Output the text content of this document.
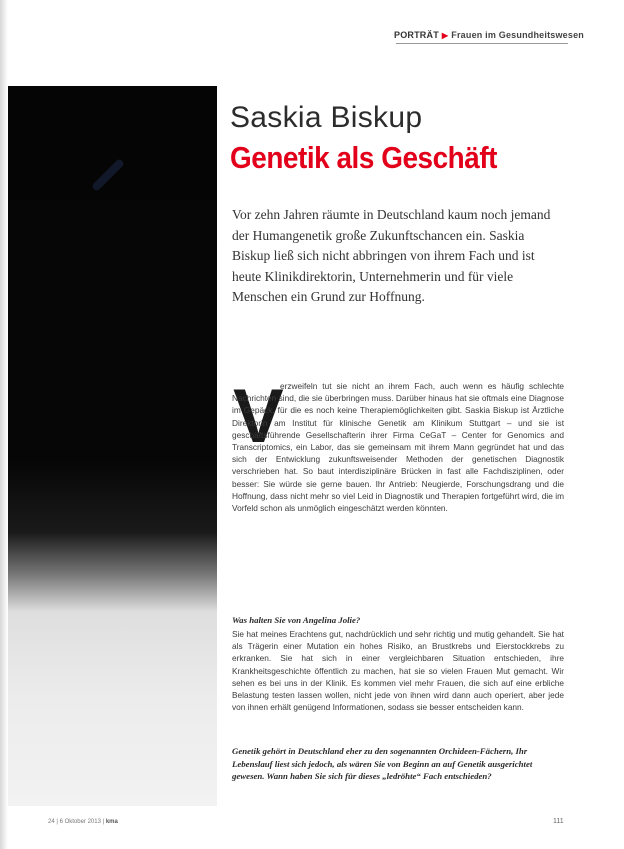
PORTRÄT ▶ Frauen im Gesundheitswesen
Saskia Biskup
Genetik als Geschäft
Vor zehn Jahren räumte in Deutschland kaum noch jemand der Humangenetik große Zukunftschancen ein. Saskia Biskup ließ sich nicht abbringen von ihrem Fach und ist heute Klinikdirektorin, Unternehmerin und für viele Menschen ein Grund zur Hoffnung.
V
erzweifeln tut sie nicht an ihrem Fach, auch wenn es häufig schlechte Nachrichten sind, die sie überbringen muss. Darüber hinaus hat sie oftmals eine Diagnose im Gepäck, für die es noch keine Therapiemöglichkeiten gibt. Saskia Biskup ist Ärztliche Direktorin am Institut für klinische Genetik am Klinikum Stuttgart – und sie ist geschäftsführende Gesellschafterin ihrer Firma CeGaT – Center for Genomics and Transcriptomics, ein Labor, das sie gemeinsam mit ihrem Mann gegründet hat und das sich der Entwicklung zukunftsweisender Methoden der genetischen Diagnostik verschrieben hat. So baut interdisziplinäre Brücken in fast alle Fachdisziplinen, oder besser: Sie würde sie gerne bauen. Ihr Antrieb: Neugierde, Forschungsdrang und die Hoffnung, dass nicht mehr so viel Leid in Diagnostik und Therapien fortgeführt wird, die im Vorfeld schon als unmöglich eingeschätzt werden könnten.
Was halten Sie von Angelina Jolie?
Sie hat meines Erachtens gut, nachdrücklich und sehr richtig und mutig gehandelt. Sie hat als Trägerin einer Mutation ein hohes Risiko, an Brustkrebs und Eierstockkrebs zu erkranken. Sie hat sich in einer vergleichbaren Situation entschieden, ihre Krankheitsgeschichte öffentlich zu machen, hat sie so vielen Frauen Mut gemacht. Wir sehen es bei uns in der Klinik. Es kommen viel mehr Frauen, die sich auf eine erbliche Belastung testen lassen wollen, nicht jede von ihnen wird dann auch operiert, aber jede von ihnen erhält genügend Informationen, sodass sie besser entscheiden kann.
Genetik gehört in Deutschland eher zu den sogenannten Orchideen-Fächern, Ihr Lebenslauf liest sich jedoch, als wären Sie von Beginn an auf Genetik ausgerichtet gewesen. Wann haben Sie sich für dieses „ledröhte“ Fach entschieden?
24 | 6 Oktober 2013 | kma	111
